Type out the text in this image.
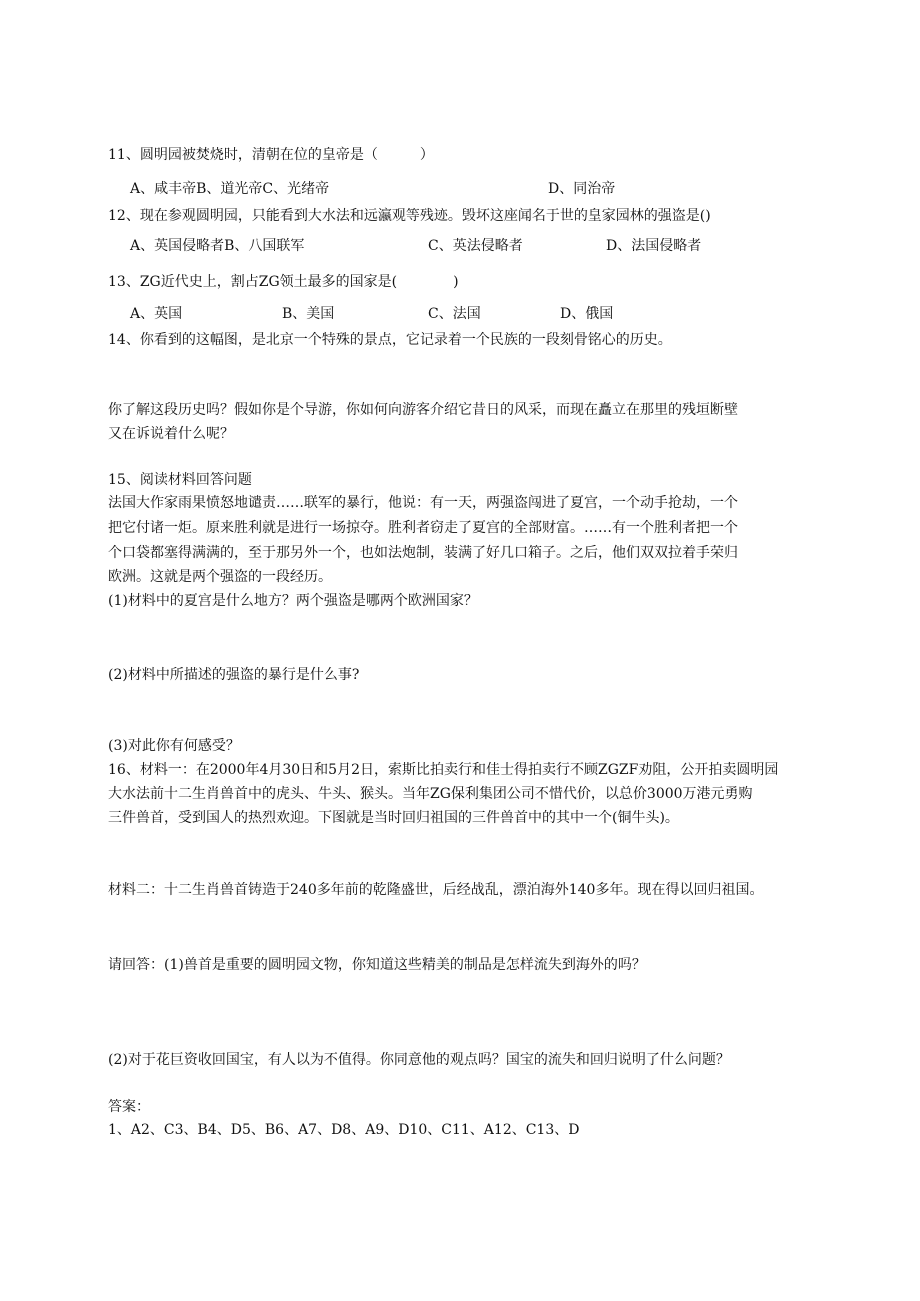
11、圆明园被焚烧时，清朝在位的皇帝是（　　　）
A、咸丰帝B、道光帝C、光绪帝	D、同治帝
12、现在参观圆明园，只能看到大水法和远瀛观等残迹。毁坏这座闻名于世的皇家园林的强盗是()
A、英国侵略者B、八国联军	C、英法侵略者	D、法国侵略者
13、ZG近代史上，割占ZG领土最多的国家是(　　　　)
A、英国	B、美国	C、法国	D、俄国
14、你看到的这幅图，是北京一个特殊的景点，它记录着一个民族的一段刻骨铭心的历史。
你了解这段历史吗？假如你是个导游，你如何向游客介绍它昔日的风采，而现在矗立在那里的残垣断壁
又在诉说着什么呢？
15、阅读材料回答问题
法国大作家雨果愤怒地谴责……联军的暴行，他说：有一天，两强盗闯进了夏宫，一个动手抢劫，一个
把它付诸一炬。原来胜利就是进行一场掠夺。胜利者窃走了夏宫的全部财富。……有一个胜利者把一个
个口袋都塞得满满的，至于那另外一个，也如法炮制，装满了好几口箱子。之后，他们双双拉着手荣归
欧洲。这就是两个强盗的一段经历。
(1)材料中的夏宫是什么地方？两个强盗是哪两个欧洲国家？
(2)材料中所描述的强盗的暴行是什么事?
(3)对此你有何感受？
16、材料一：在2000年4月30日和5月2日，索斯比拍卖行和佳士得拍卖行不顾ZGZF劝阻，公开拍卖圆明园
大水法前十二生肖兽首中的虎头、牛头、猴头。当年ZG保利集团公司不惜代价，以总价3000万港元勇购
三件兽首，受到国人的热烈欢迎。下图就是当时回归祖国的三件兽首中的其中一个(铜牛头)。
材料二：十二生肖兽首铸造于240多年前的乾隆盛世，后经战乱，漂泊海外140多年。现在得以回归祖国。
请回答：(1)兽首是重要的圆明园文物，你知道这些精美的制品是怎样流失到海外的吗？
(2)对于花巨资收回国宝，有人以为不值得。你同意他的观点吗？国宝的流失和回归说明了什么问题？
答案：
1、A2、C3、B4、D5、B6、A7、D8、A9、D10、C11、A12、C13、D
